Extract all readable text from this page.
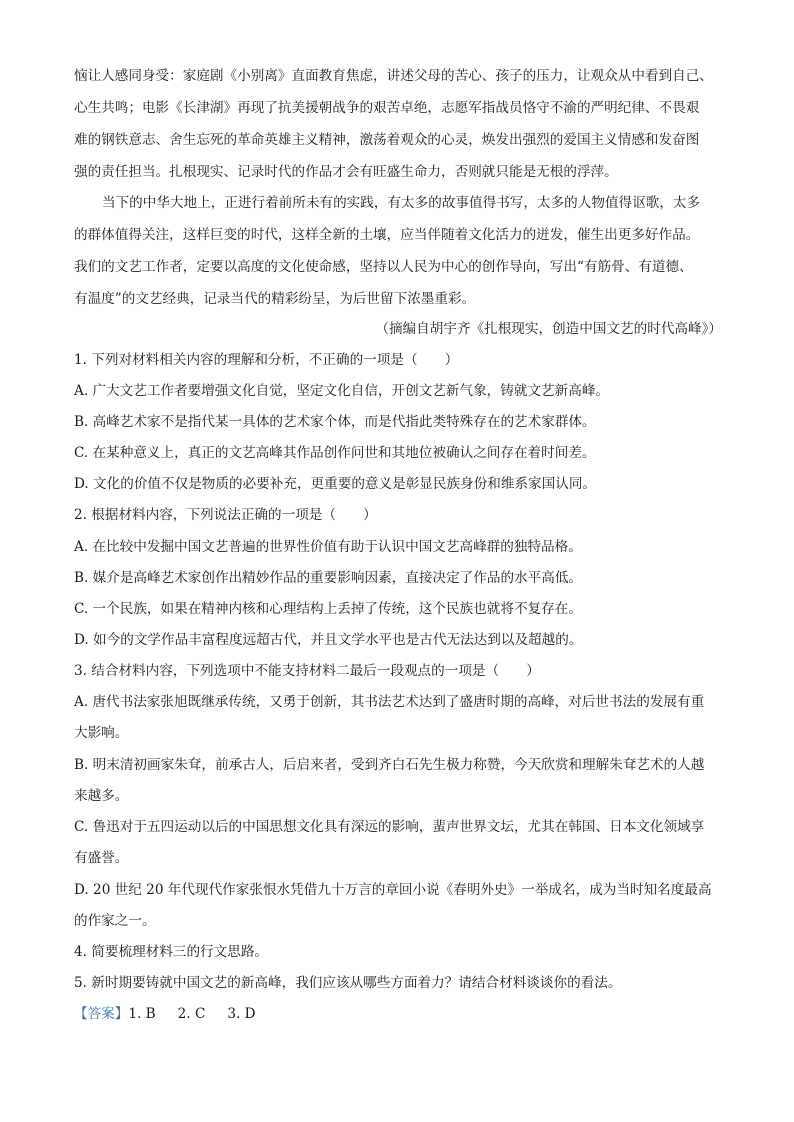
恼让人感同身受：家庭剧《小别离》直面教育焦虑，讲述父母的苦心、孩子的压力，让观众从中看到自己、
心生共鸣；电影《长津湖》再现了抗美援朝战争的艰苦卓绝，志愿军指战员恪守不渝的严明纪律、不畏艰
难的钢铁意志、舍生忘死的革命英雄主义精神，激荡着观众的心灵，焕发出强烈的爱国主义情感和发奋图
强的责任担当。扎根现实、记录时代的作品才会有旺盛生命力，否则就只能是无根的浮萍。
当下的中华大地上，正进行着前所未有的实践，有太多的故事值得书写，太多的人物值得讴歌，太多
的群体值得关注，这样巨变的时代，这样全新的土壤，应当伴随着文化活力的迸发，催生出更多好作品。
我们的文艺工作者，定要以高度的文化使命感，坚持以人民为中心的创作导向，写出“有筋骨、有道德、
有温度”的文艺经典，记录当代的精彩纷呈，为后世留下浓墨重彩。
（摘编自胡宇齐《扎根现实，创造中国文艺的时代高峰》）
1. 下列对材料相关内容的理解和分析，不正确的一项是（　　）
A. 广大文艺工作者要增强文化自觉，坚定文化自信，开创文艺新气象，铸就文艺新高峰。
B. 高峰艺术家不是指代某一具体的艺术家个体，而是代指此类特殊存在的艺术家群体。
C. 在某种意义上，真正的文艺高峰其作品创作问世和其地位被确认之间存在着时间差。
D. 文化的价值不仅是物质的必要补充，更重要的意义是彰显民族身份和维系家国认同。
2. 根据材料内容，下列说法正确的一项是（　　）
A. 在比较中发掘中国文艺普遍的世界性价值有助于认识中国文艺高峰群的独特品格。
B. 媒介是高峰艺术家创作出精妙作品的重要影响因素，直接决定了作品的水平高低。
C. 一个民族，如果在精神内核和心理结构上丢掉了传统，这个民族也就将不复存在。
D. 如今的文学作品丰富程度远超古代，并且文学水平也是古代无法达到以及超越的。
3. 结合材料内容，下列选项中不能支持材料二最后一段观点的一项是（　　）
A. 唐代书法家张旭既继承传统，又勇于创新，其书法艺术达到了盛唐时期的高峰，对后世书法的发展有重
大影响。
B. 明末清初画家朱耷，前承古人，后启来者，受到齐白石先生极力称赞，今天欣赏和理解朱耷艺术的人越
来越多。
C. 鲁迅对于五四运动以后的中国思想文化具有深远的影响，蜚声世界文坛，尤其在韩国、日本文化领域享
有盛誉。
D. 20 世纪 20 年代现代作家张恨水凭借九十万言的章回小说《春明外史》一举成名，成为当时知名度最高
的作家之一。
4. 简要梳理材料三的行文思路。
5. 新时期要铸就中国文艺的新高峰，我们应该从哪些方面着力？请结合材料谈谈你的看法。
【答案】1. B 2. C 3. D
